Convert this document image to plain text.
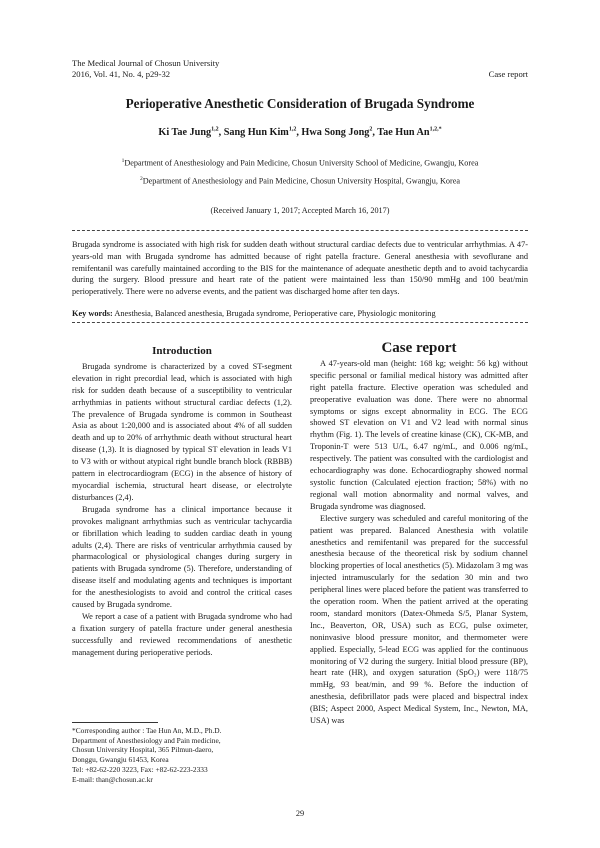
The Medical Journal of Chosun University
2016, Vol. 41, No. 4, p29-32	Case report
Perioperative Anesthetic Consideration of Brugada Syndrome
Ki Tae Jung$^{1,2}$, Sang Hun Kim$^{1,2}$, Hwa Song Jong$^2$, Tae Hun $An^{1,2,*}$
$^1$Department of Anesthesiology and Pain Medicine, Chosun University School of Medicine, Gwangju, Korea
$^2$Department of Anesthesiology and Pain Medicine, Chosun University Hospital, Gwangju, Korea
(Received January 1, 2017; Accepted March 16, 2017)
Brugada syndrome is associated with high risk for sudden death without structural cardiac defects due to ventricular arrhythmias. A 47-years-old man with Brugada syndrome has admitted because of right patella fracture. General anesthesia with sevoflurane and remifentanil was carefully maintained according to the BIS for the maintenance of adequate anesthetic depth and to avoid tachycardia during the surgery. Blood pressure and heart rate of the patient were maintained less than 150/90 mmHg and 100 beat/min perioperatively. There were no adverse events, and the patient was discharged home after ten days.
Key words: Anesthesia, Balanced anesthesia, Brugada syndrome, Perioperative care, Physiologic monitoring
Introduction

Brugada syndrome is characterized by a coved ST-segment elevation in right precordial lead, which is associated with high risk for sudden death because of a susceptibility to ventricular arrhythmias in patients without structural cardiac defects (1,2). The prevalence of Brugada syndrome is common in Southeast Asia as about 1:20,000 and is associated about 4% of all sudden death and up to 20% of arrhythmic death without structural heart disease (1,3). It is diagnosed by typical ST elevation in leads V1 to V3 with or without atypical right bundle branch block (RBBB) pattern in electrocardiogram (ECG) in the absence of history of myocardial ischemia, structural heart disease, or electrolyte disturbances (2,4).

Brugada syndrome has a clinical importance because it provokes malignant arrhythmias such as ventricular tachycardia or fibrillation which leading to sudden cardiac death in young adults (2,4). There are risks of ventricular arrhythmia caused by pharmacological or physiological changes during surgery in patients with Brugada syndrome (5). Therefore, understanding of disease itself and modulating agents and techniques is important for the anesthesiologists to avoid and control the critical cases caused by Brugada syndrome.

We report a case of a patient with Brugada syndrome who had a fixation surgery of patella fracture under general anesthesia successfully and reviewed recommendations of anesthetic management during perioperative periods.

*Corresponding author : Tae Hun An, M.D., Ph.D.
Department of Anesthesiology and Pain medicine,
Chosun University Hospital, 365 Pilmun-daero,
Donggu, Gwangju 61453, Korea
Tel: +82-62-220 3223, Fax: +82-62-223-2333
E-mail: than@chosun.ac.kr
Case report

A 47-years-old man (height: 168 kg; weight: 56 kg) without specific personal or familial medical history was admitted after right patella fracture. Elective operation was scheduled and preoperative evaluation was done. There were no abnormal symptoms or signs except abnormality in ECG. The ECG showed ST elevation on V1 and V2 lead with normal sinus rhythm (Fig. 1). The levels of creatine kinase (CK), CK-MB, and Troponin-T were 513 U/L, 6.47 ng/mL, and 0.006 ng/mL, respectively. The patient was consulted with the cardiologist and echocardiography was done. Echocardiography showed normal systolic function (Calculated ejection fraction; 58%) with no regional wall motion abnormality and normal valves, and Brugada syndrome was diagnosed.

Elective surgery was scheduled and careful monitoring of the patient was prepared. Balanced Anesthesia with volatile anesthetics and remifentanil was prepared for the successful anesthesia because of the theoretical risk by sodium channel blocking properties of local anesthetics (5). Midazolam 3 mg was injected intramuscularly for the sedation 30 min and two peripheral lines were placed before the patient was transferred to the operation room. When the patient arrived at the operating room, standard monitors (Datex-Ohmeda S/5, Planar System, Inc., Beaverton, OR, USA) such as ECG, pulse oximeter, noninvasive blood pressure monitor, and thermometer were applied. Especially, 5-lead ECG was applied for the continuous monitoring of V2 during the surgery. Initial blood pressure (BP), heart rate (HR), and oxygen saturation (SpO₂) were 118/75 mmHg, 93 beat/min, and 99 %. Before the induction of anesthesia, defibrillator pads were placed and bispectral index (BIS; Aspect 2000, Aspect Medical System, Inc., Newton, MA, USA) was

29
